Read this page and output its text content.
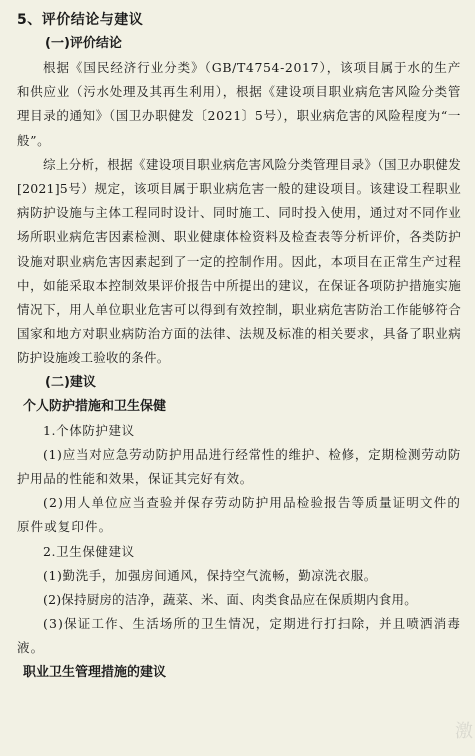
5、评价结论与建议

(一)评价结论

根据《国民经济行业分类》（GB/T4754-2017），该项目属于水的生产和供应业（污水处理及其再生利用），根据《建设项目职业病危害风险分类管理目录的通知》（国卫办职健发〔2021〕5号），职业病危害的风险程度为“一般”。

综上分析，根据《建设项目职业病危害风险分类管理目录》（国卫办职健发[2021]5号）规定，该项目属于职业病危害一般的建设项目。该建设工程职业病防护设施与主体工程同时设计、同时施工、同时投入使用，通过对不同作业场所职业病危害因素检测、职业健康体检资料及检查表等分析评价，各类防护设施对职业病危害因素起到了一定的控制作用。因此，本项目在正常生产过程中，如能采取本控制效果评价报告中所提出的建议，在保证各项防护措施实施情况下，用人单位职业危害可以得到有效控制，职业病危害防治工作能够符合国家和地方对职业病防治方面的法律、法规及标准的相关要求，具备了职业病防护设施竣工验收的条件。

(二)建议

个人防护措施和卫生保健

1.个体防护建议

(1)应当对应急劳动防护用品进行经常性的维护、检修，定期检测劳动防护用品的性能和效果，保证其完好有效。

(2)用人单位应当查验并保存劳动防护用品检验报告等质量证明文件的原件或复印件。

2.卫生保健建议

(1)勤洗手，加强房间通风，保持空气流畅，勤凉洗衣服。

(2)保持厨房的洁净，蔬菜、米、面、肉类食品应在保质期内食用。

(3)保证工作、生活场所的卫生情况，定期进行打扫除，并且喷洒消毒液。

职业卫生管理措施的建议

激
